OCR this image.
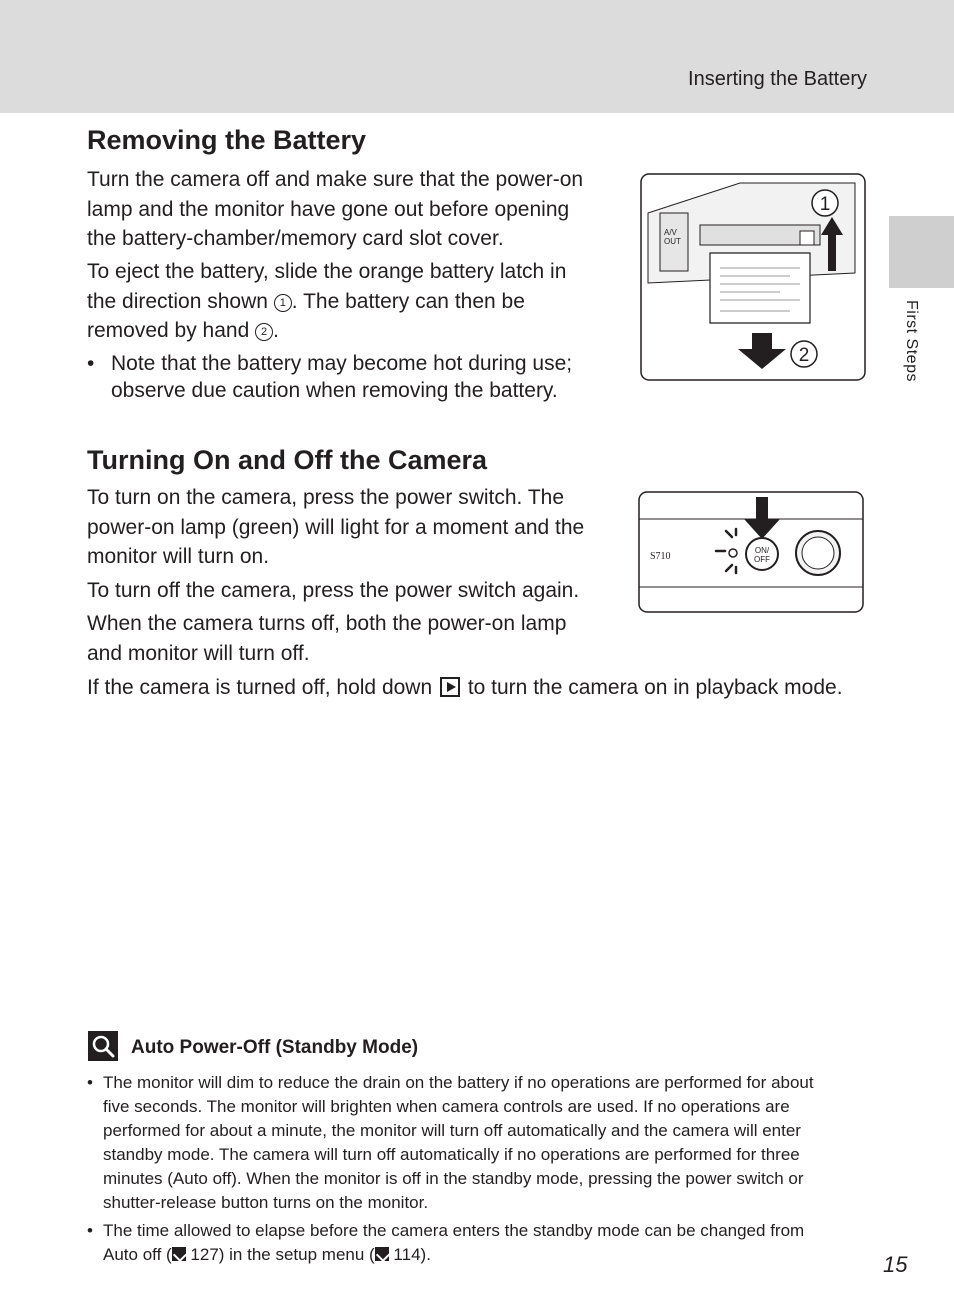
Inserting the Battery
First Steps
Removing the Battery
Turn the camera off and make sure that the power-on
lamp and the monitor have gone out before opening
the battery-chamber/memory card slot cover.
To eject the battery, slide the orange battery latch in
the direction shown 1 . The battery can then be
removed by hand 2 .
• Note that the battery may become hot during use;
observe due caution when removing the battery.
A/V
OUT
1
2
Turning On and Off the Camera
To turn on the camera, press the power switch. The
power-on lamp (green) will light for a moment and the
monitor will turn on.
To turn off the camera, press the power switch again.
When the camera turns off, both the power-on lamp
and monitor will turn off.
If the camera is turned off, hold down  to turn the camera on in playback mode.
S710
ON/
OFF
Auto Power-Off (Standby Mode)
• The monitor will dim to reduce the drain on the battery if no operations are performed for about
five seconds. The monitor will brighten when camera controls are used. If no operations are
performed for about a minute, the monitor will turn off automatically and the camera will enter
standby mode. The camera will turn off automatically if no operations are performed for three
minutes (Auto off). When the monitor is off in the standby mode, pressing the power switch or
shutter-release button turns on the monitor.
• The time allowed to elapse before the camera enters the standby mode can be changed from
Auto off ( 127) in the setup menu ( 114).	15
